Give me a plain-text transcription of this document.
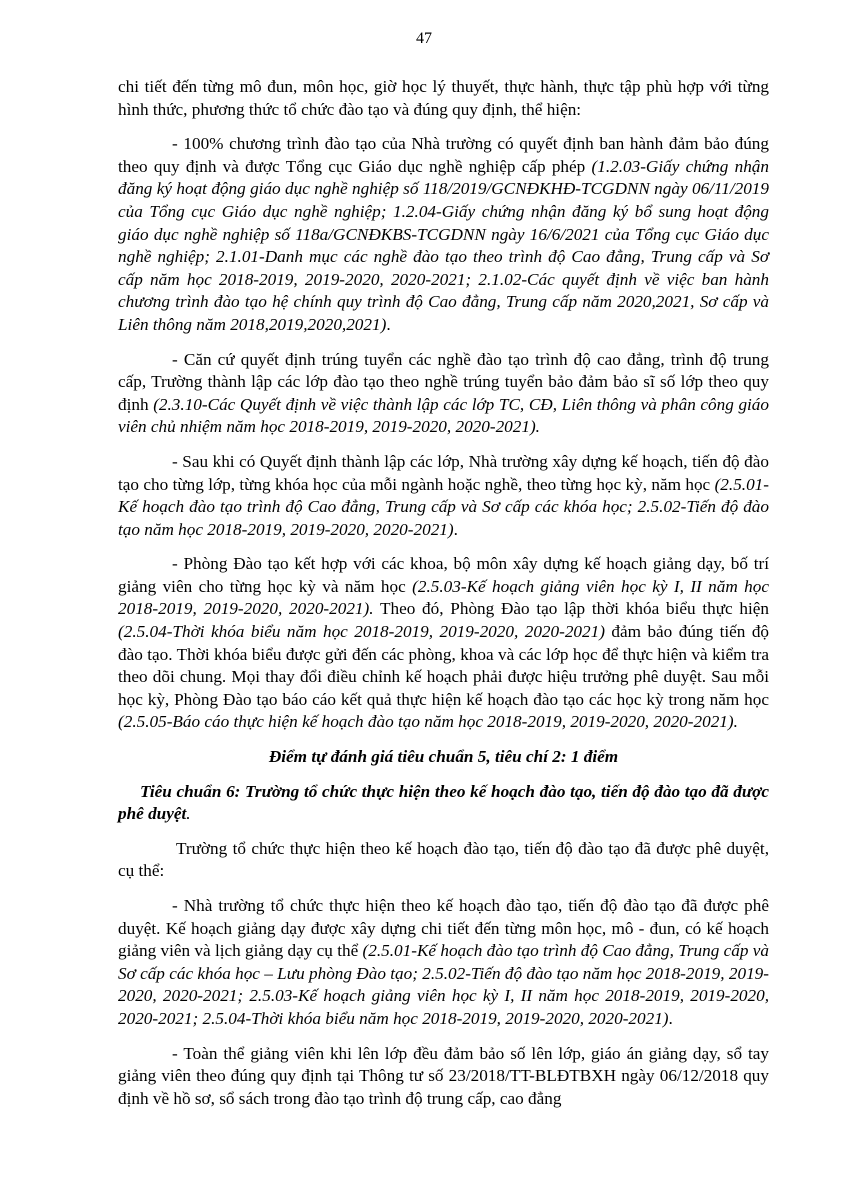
47

chi tiết đến từng mô đun, môn học, giờ học lý thuyết, thực hành, thực tập phù hợp với từng hình thức, phương thức tổ chức đào tạo và đúng quy định, thể hiện:

- 100% chương trình đào tạo của Nhà trường có quyết định ban hành đảm bảo đúng theo quy định và được Tổng cục Giáo dục nghề nghiệp cấp phép (1.2.03-Giấy chứng nhận đăng ký hoạt động giáo dục nghề nghiệp số 118/2019/GCNĐKHĐ-TCGDNN ngày 06/11/2019 của Tổng cục Giáo dục nghề nghiệp; 1.2.04-Giấy chứng nhận đăng ký bổ sung hoạt động giáo dục nghề nghiệp số 118a/GCNĐKBS-TCGDNN ngày 16/6/2021 của Tổng cục Giáo dục nghề nghiệp; 2.1.01-Danh mục các nghề đào tạo theo trình độ Cao đẳng, Trung cấp và Sơ cấp năm học 2018-2019, 2019-2020, 2020-2021; 2.1.02-Các quyết định về việc ban hành chương trình đào tạo hệ chính quy trình độ Cao đẳng, Trung cấp năm 2020,2021, Sơ cấp và Liên thông năm 2018,2019,2020,2021).

- Căn cứ quyết định trúng tuyển các nghề đào tạo trình độ cao đẳng, trình độ trung cấp, Trường thành lập các lớp đào tạo theo nghề trúng tuyển bảo đảm bảo sĩ số lớp theo quy định (2.3.10-Các Quyết định về việc thành lập các lớp TC, CĐ, Liên thông và phân công giáo viên chủ nhiệm năm học 2018-2019, 2019-2020, 2020-2021).

- Sau khi có Quyết định thành lập các lớp, Nhà trường xây dựng kế hoạch, tiến độ đào tạo cho từng lớp, từng khóa học của mỗi ngành hoặc nghề, theo từng học kỳ, năm học (2.5.01-Kế hoạch đào tạo trình độ Cao đẳng, Trung cấp và Sơ cấp các khóa học; 2.5.02-Tiến độ đào tạo năm học 2018-2019, 2019-2020, 2020-2021).

- Phòng Đào tạo kết hợp với các khoa, bộ môn xây dựng kế hoạch giảng dạy, bố trí giảng viên cho từng học kỳ và năm học (2.5.03-Kế hoạch giảng viên học kỳ I, II năm học 2018-2019, 2019-2020, 2020-2021). Theo đó, Phòng Đào tạo lập thời khóa biểu thực hiện (2.5.04-Thời khóa biểu năm học 2018-2019, 2019-2020, 2020-2021) đảm bảo đúng tiến độ đào tạo. Thời khóa biểu được gửi đến các phòng, khoa và các lớp học để thực hiện và kiểm tra theo dõi chung. Mọi thay đổi điều chỉnh kế hoạch phải được hiệu trưởng phê duyệt. Sau mỗi học kỳ, Phòng Đào tạo báo cáo kết quả thực hiện kế hoạch đào tạo các học kỳ trong năm học (2.5.05-Báo cáo thực hiện kế hoạch đào tạo năm học 2018-2019, 2019-2020, 2020-2021).

Điểm tự đánh giá tiêu chuẩn 5, tiêu chí 2: 1 điểm

Tiêu chuẩn 6: Trường tổ chức thực hiện theo kế hoạch đào tạo, tiến độ đào tạo đã được phê duyệt.

Trường tổ chức thực hiện theo kế hoạch đào tạo, tiến độ đào tạo đã được phê duyệt, cụ thể:

- Nhà trường tổ chức thực hiện theo kế hoạch đào tạo, tiến độ đào tạo đã được phê duyệt. Kế hoạch giảng dạy được xây dựng chi tiết đến từng môn học, mô - đun, có kế hoạch giảng viên và lịch giảng dạy cụ thể (2.5.01-Kế hoạch đào tạo trình độ Cao đẳng, Trung cấp và Sơ cấp các khóa học – Lưu phòng Đào tạo; 2.5.02-Tiến độ đào tạo năm học 2018-2019, 2019-2020, 2020-2021; 2.5.03-Kế hoạch giảng viên học kỳ I, II năm học 2018-2019, 2019-2020, 2020-2021; 2.5.04-Thời khóa biểu năm học 2018-2019, 2019-2020, 2020-2021).

- Toàn thể giảng viên khi lên lớp đều đảm bảo số lên lớp, giáo án giảng dạy, sổ tay giảng viên theo đúng quy định tại Thông tư số 23/2018/TT-BLĐTBXH ngày 06/12/2018 quy định về hồ sơ, sổ sách trong đào tạo trình độ trung cấp, cao đẳng
